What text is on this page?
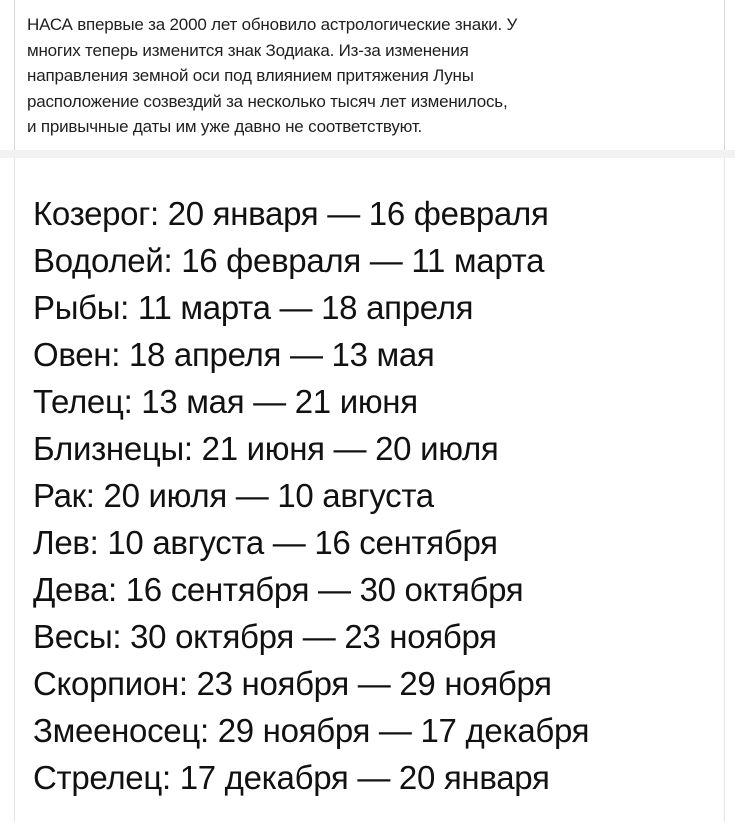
НАСА впервые за 2000 лет обновило астрологические знаки. У
многих теперь изменится знак Зодиака. Из-за изменения
направления земной оси под влиянием притяжения Луны
расположение созвездий за несколько тысяч лет изменилось,
и привычные даты им уже давно не соответствуют.

Козерог: 20 января — 16 февраля
Водолей: 16 февраля — 11 марта
Рыбы: 11 марта — 18 апреля
Овен: 18 апреля — 13 мая
Телец: 13 мая — 21 июня
Близнецы: 21 июня — 20 июля
Рак: 20 июля — 10 августа
Лев: 10 августа — 16 сентября
Дева: 16 сентября — 30 октября
Весы: 30 октября — 23 ноября
Скорпион: 23 ноября — 29 ноября
Змееносец: 29 ноября — 17 декабря
Стрелец: 17 декабря — 20 января
